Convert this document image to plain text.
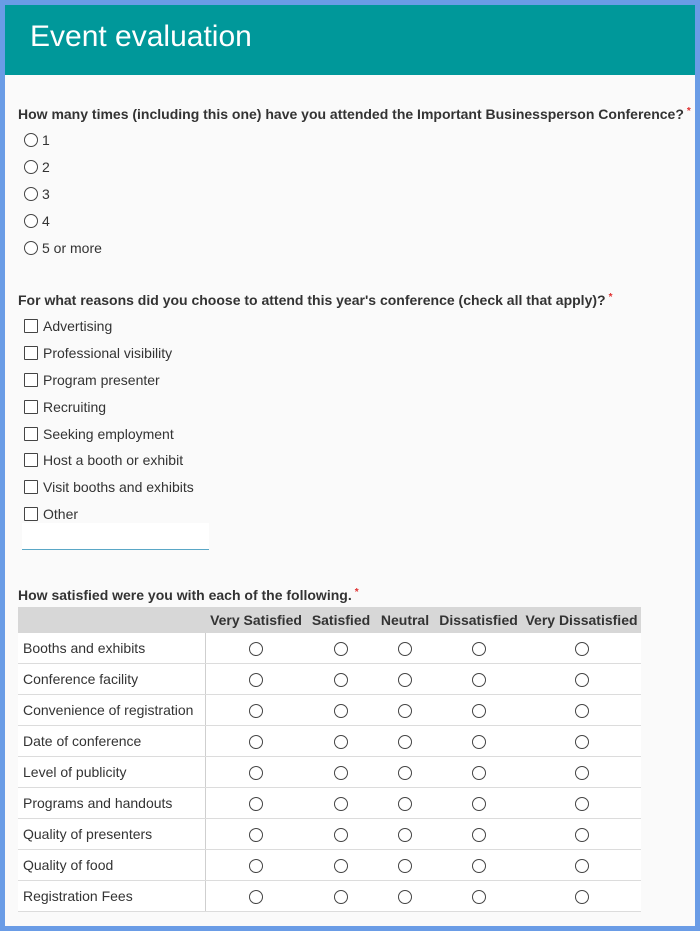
Event evaluation
How many times (including this one) have you attended the Important Businessperson Conference? *
1
2
3
4
5 or more
For what reasons did you choose to attend this year's conference (check all that apply)? *
Advertising
Professional visibility
Program presenter
Recruiting
Seeking employment
Host a booth or exhibit
Visit booths and exhibits
Other
How satisfied were you with each of the following. *
	Very Satisfied	Satisfied	Neutral	Dissatisfied	Very Dissatisfied
Booths and exhibits					
Conference facility					
Convenience of registration					
Date of conference					
Level of publicity					
Programs and handouts					
Quality of presenters					
Quality of food					
Registration Fees					
